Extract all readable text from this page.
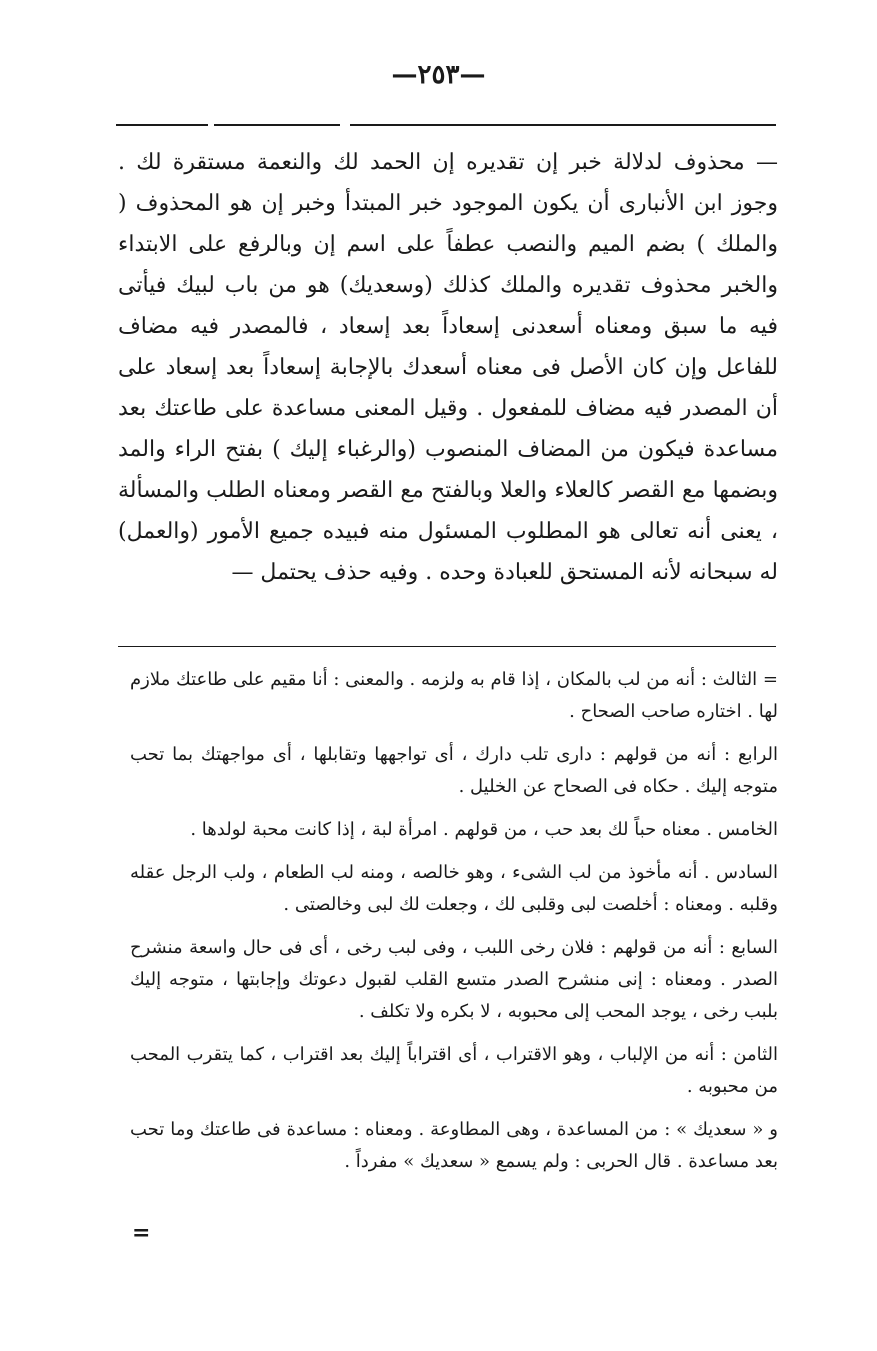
—٢٥٣—

— محذوف لدلالة خبر إن تقديره إن الحمد لك والنعمة مستقرة لك . وجوز ابن الأنبارى أن يكون الموجود خبر المبتدأ وخبر إن هو المحذوف ( والملك ) بضم الميم والنصب عطفاً على اسم إن وبالرفع على الابتداء والخبر محذوف تقديره والملك كذلك (وسعديك) هو من باب لبيك فيأتى فيه ما سبق ومعناه أسعدنى إسعاداً بعد إسعاد ، فالمصدر فيه مضاف للفاعل وإن كان الأصل فى معناه أسعدك بالإجابة إسعاداً بعد إسعاد على أن المصدر فيه مضاف للمفعول . وقيل المعنى مساعدة على طاعتك بعد مساعدة فيكون من المضاف المنصوب (والرغباء إليك ) بفتح الراء والمد وبضمها مع القصر كالعلاء والعلا وبالفتح مع القصر ومعناه الطلب والمسألة ، يعنى أنه تعالى هو المطلوب المسئول منه فبيده جميع الأمور (والعمل) له سبحانه لأنه المستحق للعبادة وحده . وفيه حذف يحتمل —

= الثالث : أنه من لب بالمكان ، إذا قام به ولزمه . والمعنى : أنا مقيم على طاعتك ملازم لها . اختاره صاحب الصحاح .

الرابع : أنه من قولهم : دارى تلب دارك ، أى تواجهها وتقابلها ، أى مواجهتك بما تحب متوجه إليك . حكاه فى الصحاح عن الخليل .

الخامس . معناه حباً لك بعد حب ، من قولهم . امرأة لبة ، إذا كانت محبة لولدها .

السادس . أنه مأخوذ من لب الشىء ، وهو خالصه ، ومنه لب الطعام ، ولب الرجل عقله وقلبه . ومعناه : أخلصت لبى وقلبى لك ، وجعلت لك لبى وخالصتى .

السابع : أنه من قولهم : فلان رخى اللبب ، وفى لبب رخى ، أى فى حال واسعة منشرح الصدر . ومعناه : إنى منشرح الصدر متسع القلب لقبول دعوتك وإجابتها ، متوجه إليك بلبب رخى ، يوجد المحب إلى محبوبه ، لا بكره ولا تكلف .

الثامن : أنه من الإلباب ، وهو الاقتراب ، أى اقتراباً إليك بعد اقتراب ، كما يتقرب المحب من محبوبه .

و « سعديك » : من المساعدة ، وهى المطاوعة . ومعناه : مساعدة فى طاعتك وما تحب بعد مساعدة . قال الحربى : ولم يسمع « سعديك » مفرداً .

=
